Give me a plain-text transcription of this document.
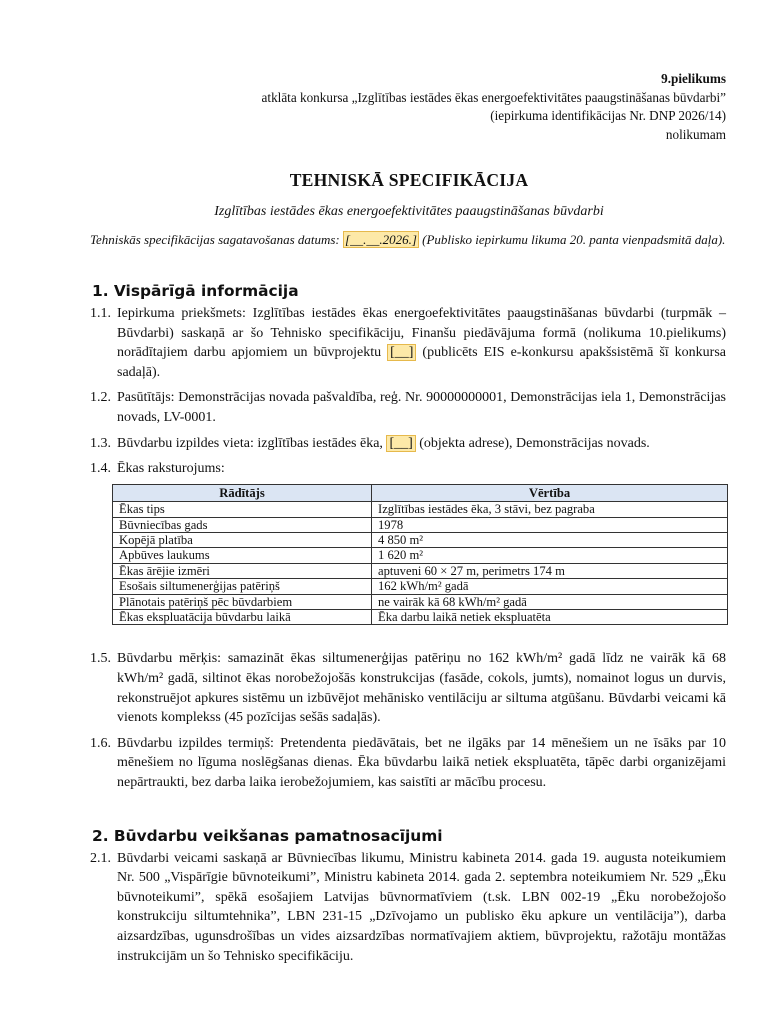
9.pielikums
atklāta konkursa „Izglītības iestādes ēkas energoefektivitātes paaugstināšanas būvdarbi”
(iepirkuma identifikācijas Nr. DNP 2026/14)
nolikumam
TEHNISKĀ SPECIFIKĀCIJA
Izglītības iestādes ēkas energoefektivitātes paaugstināšanas būvdarbi
Tehniskās specifikācijas sagatavošanas datums: [__.__.2026.] (Publisko iepirkumu likuma 20. panta vienpadsmitā daļa).
1. Vispārīgā informācija
1.1. Iepirkuma priekšmets: Izglītības iestādes ēkas energoefektivitātes paaugstināšanas būvdarbi (turpmāk – Būvdarbi) saskaņā ar šo Tehnisko specifikāciju, Finanšu piedāvājuma formā (nolikuma 10.pielikums) norādītajiem darbu apjomiem un būvprojektu [__] (publicēts EIS e-konkursu apakšsistēmā šī konkursa sadaļā).
1.2. Pasūtītājs: Demonstrācijas novada pašvaldība, reģ. Nr. 90000000001, Demonstrācijas iela 1, Demonstrācijas novads, LV-0001.
1.3. Būvdarbu izpildes vieta: izglītības iestādes ēka, [__] (objekta adrese), Demonstrācijas novads.
1.4. Ēkas raksturojums:
Rādītājs	Vērtība
Ēkas tips	Izglītības iestādes ēka, 3 stāvi, bez pagraba
Būvniecības gads	1978
Kopējā platība	4 850 m²
Apbūves laukums	1 620 m²
Ēkas ārējie izmēri	aptuveni 60 × 27 m, perimetrs 174 m
Esošais siltumenerģijas patēriņš	162 kWh/m² gadā
Plānotais patēriņš pēc būvdarbiem	ne vairāk kā 68 kWh/m² gadā
Ēkas ekspluatācija būvdarbu laikā	Ēka darbu laikā netiek ekspluatēta
1.5. Būvdarbu mērķis: samazināt ēkas siltumenerģijas patēriņu no 162 kWh/m² gadā līdz ne vairāk kā 68 kWh/m² gadā, siltinot ēkas norobežojošās konstrukcijas (fasāde, cokols, jumts), nomainot logus un durvis, rekonstruējot apkures sistēmu un izbūvējot mehānisko ventilāciju ar siltuma atgūšanu. Būvdarbi veicami kā vienots komplekss (45 pozīcijas sešās sadaļās).
1.6. Būvdarbu izpildes termiņš: Pretendenta piedāvātais, bet ne ilgāks par 14 mēnešiem un ne īsāks par 10 mēnešiem no līguma noslēgšanas dienas. Ēka būvdarbu laikā netiek ekspluatēta, tāpēc darbi organizējami nepārtraukti, bez darba laika ierobežojumiem, kas saistīti ar mācību procesu.
2. Būvdarbu veikšanas pamatnosacījumi
2.1. Būvdarbi veicami saskaņā ar Būvniecības likumu, Ministru kabineta 2014. gada 19. augusta noteikumiem Nr. 500 „Vispārīgie būvnoteikumi”, Ministru kabineta 2014. gada 2. septembra noteikumiem Nr. 529 „Ēku būvnoteikumi”, spēkā esošajiem Latvijas būvnormatīviem (t.sk. LBN 002-19 „Ēku norobežojošo konstrukciju siltumtehnika”, LBN 231-15 „Dzīvojamo un publisko ēku apkure un ventilācija”), darba aizsardzības, ugunsdrošības un vides aizsardzības normatīvajiem aktiem, būvprojektu, ražotāju montāžas instrukcijām un šo Tehnisko specifikāciju.
